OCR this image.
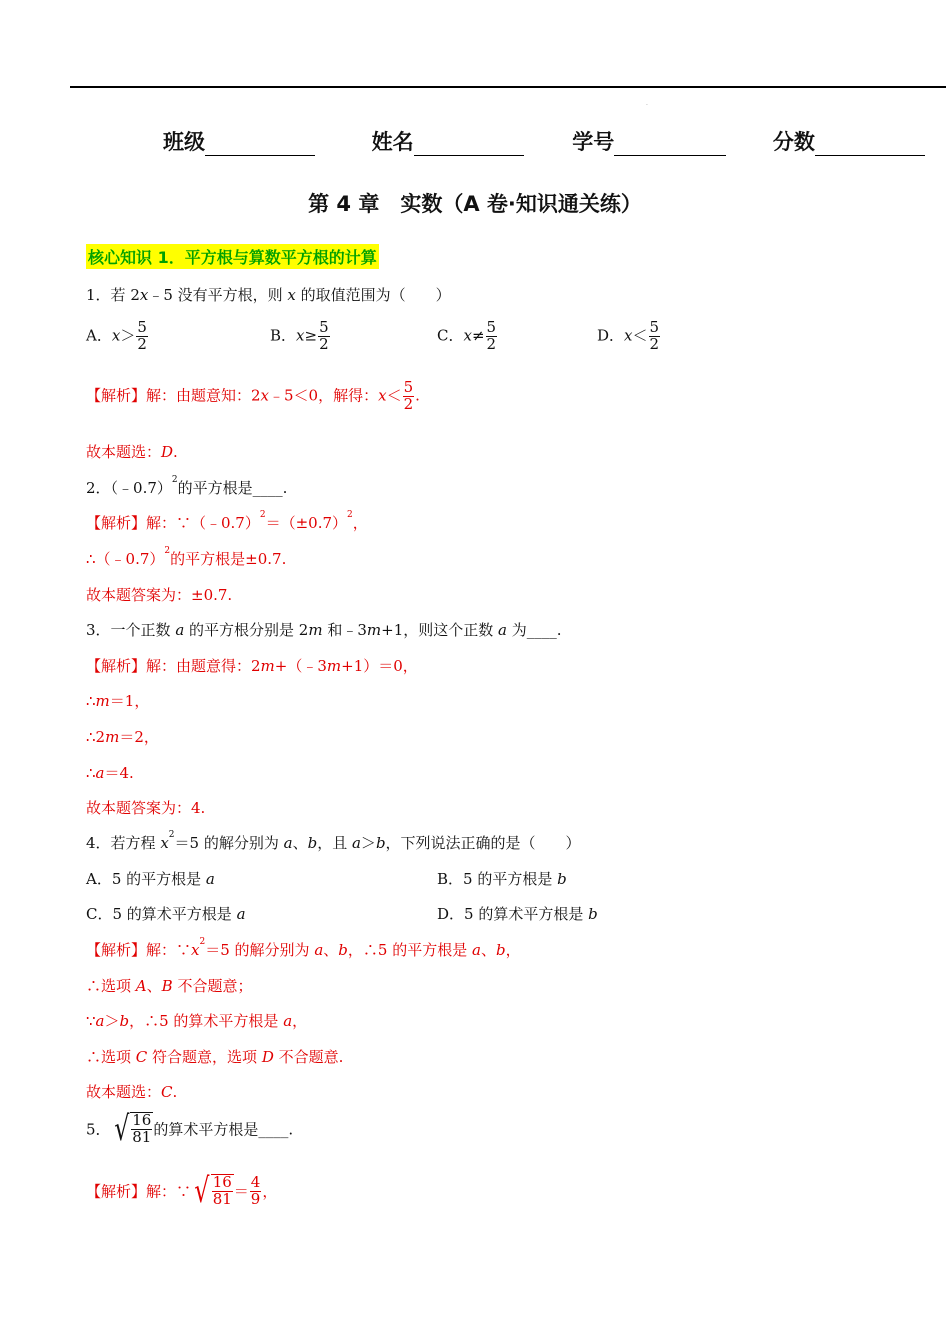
.
班级	姓名	学号	分数
第 4 章　实数（A 卷·知识通关练）
核心知识 1．平方根与算数平方根的计算
1．若 2x﹣5 没有平方根，则 x 的取值范围为（　　）
A．$x> \frac{5}{2}$	B．$x\ge \frac{5}{2}$	C．$x\ne \frac{5}{2}$	D．$x< \frac{5}{2}$
【解析】解：由题意知：2x﹣5＜0，解得：$x< \frac{5}{2}$ .
故本题选：D.
2．（﹣0.7）$^2$的平方根是____.
【解析】解：$\because(﹣0.7)^2=(\pm 0.7)^2$，
∴（﹣0.7）$^2$的平方根是±0.7.
故本题答案为：±0.7.
3．一个正数 a 的平方根分别是 2m 和﹣3m+1，则这个正数 a 为____.
【解析】解：由题意得：2m+（﹣3m+1）＝0，
∴m＝1，
∴2m＝2，
∴a＝4.
故本题答案为：4.
4．若方程 $x^2=5$ 的解分别为 a、b，且 a＞b，下列说法正确的是（　　）
A．5 的平方根是 a	B．5 的平方根是 b
C．5 的算术平方根是 a	D．5 的算术平方根是 b
【解析】解：$\because x^2=5$ 的解分别为 a、b，∴5 的平方根是 a、b，
∴选项 A、B 不合题意；
∵a＞b，∴5 的算术平方根是 a，
∴选项 C 符合题意，选项 D 不合题意.
故本题选：C.
5． √ $\frac{16}{81}$ 的算术平方根是____.
【解析】解：∵ √ $\frac{16}{81} = \frac{4}{9}$ ，
